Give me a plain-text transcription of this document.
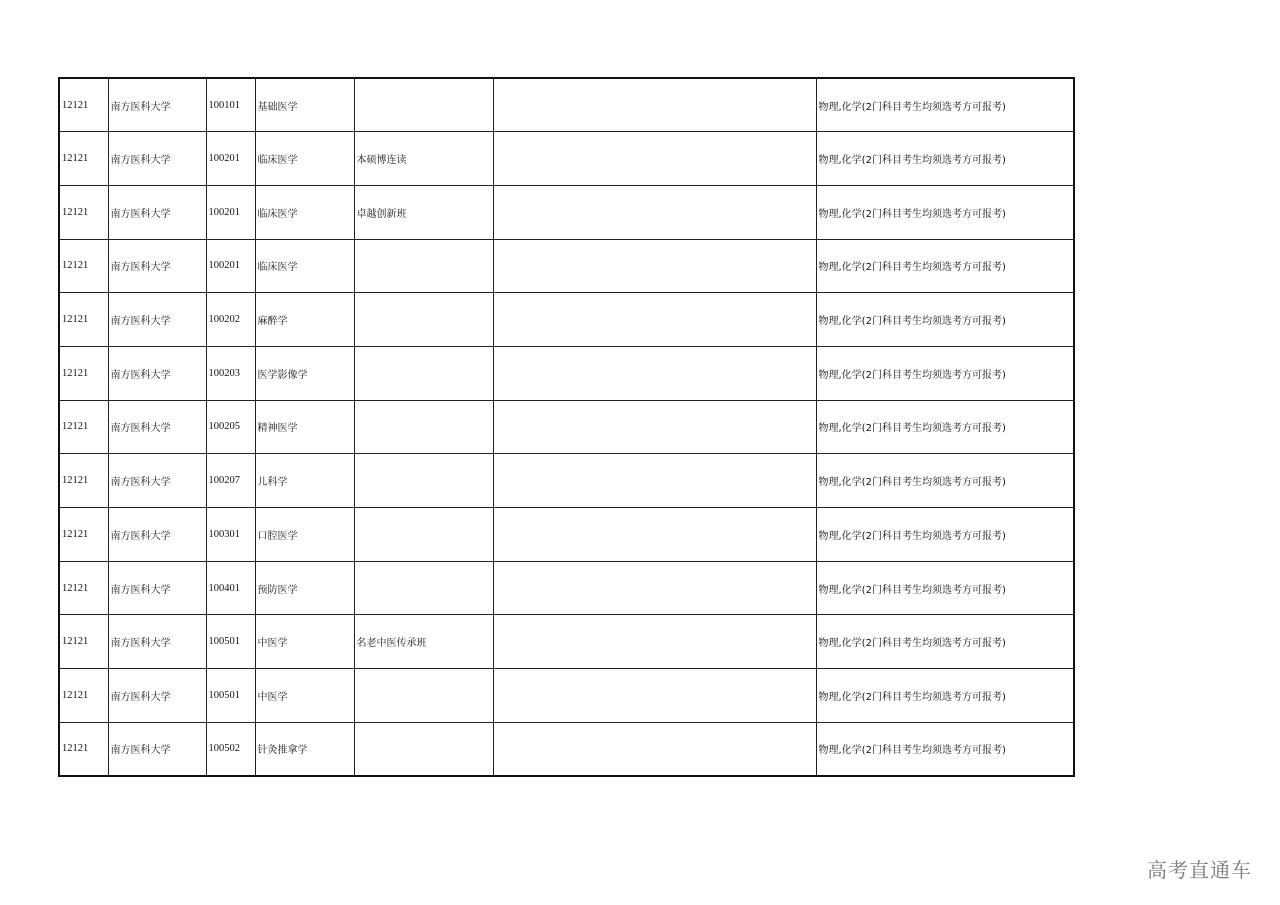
12121	南方医科大学	100101	基础医学			物理,化学(2门科目考生均须选考方可报考)
12121	南方医科大学	100201	临床医学	本硕博连读		物理,化学(2门科目考生均须选考方可报考)
12121	南方医科大学	100201	临床医学	卓越创新班		物理,化学(2门科目考生均须选考方可报考)
12121	南方医科大学	100201	临床医学			物理,化学(2门科目考生均须选考方可报考)
12121	南方医科大学	100202	麻醉学			物理,化学(2门科目考生均须选考方可报考)
12121	南方医科大学	100203	医学影像学			物理,化学(2门科目考生均须选考方可报考)
12121	南方医科大学	100205	精神医学			物理,化学(2门科目考生均须选考方可报考)
12121	南方医科大学	100207	儿科学			物理,化学(2门科目考生均须选考方可报考)
12121	南方医科大学	100301	口腔医学			物理,化学(2门科目考生均须选考方可报考)
12121	南方医科大学	100401	预防医学			物理,化学(2门科目考生均须选考方可报考)
12121	南方医科大学	100501	中医学	名老中医传承班		物理,化学(2门科目考生均须选考方可报考)
12121	南方医科大学	100501	中医学			物理,化学(2门科目考生均须选考方可报考)
12121	南方医科大学	100502	针灸推拿学			物理,化学(2门科目考生均须选考方可报考)
高考直通车
